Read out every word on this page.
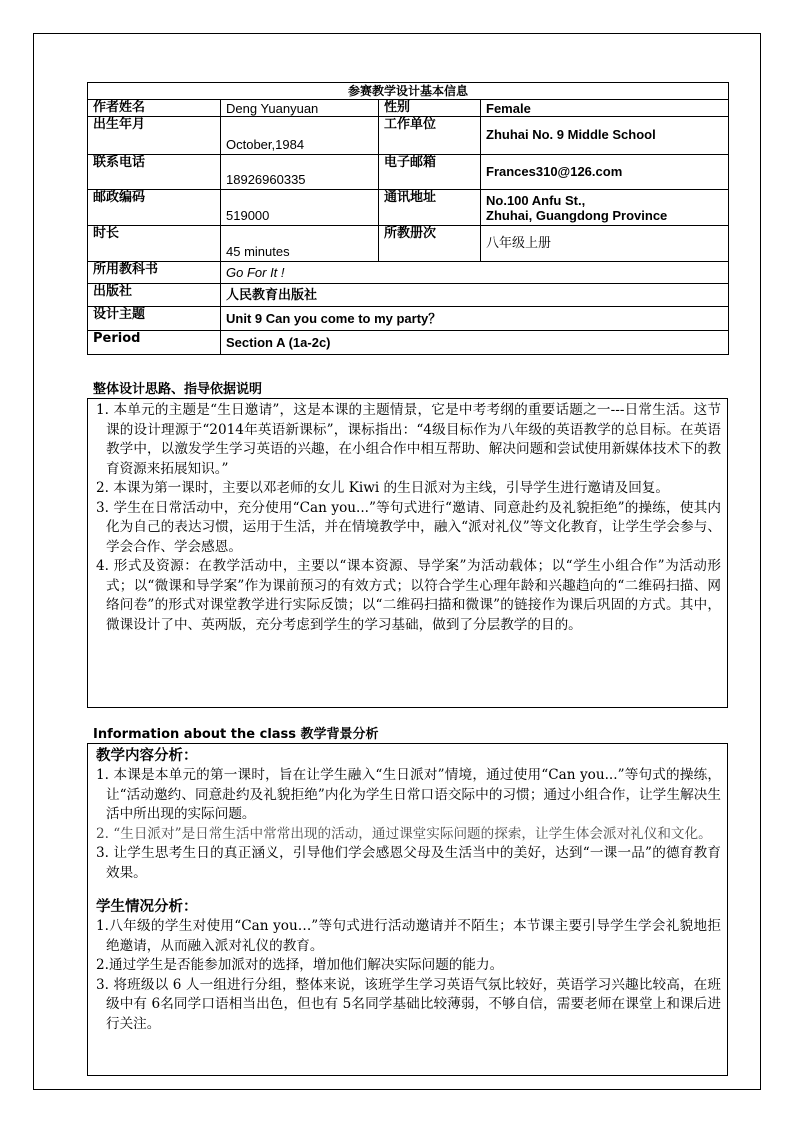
参赛教学设计基本信息			
作者姓名	Deng Yuanyuan	性别	Female
出生年月	October,1984	工作单位	Zhuhai No. 9 Middle School
联系电话	18926960335	电子邮箱	Frances310@126.com
邮政编码	519000	通讯地址	No.100 Anfu St.,
Zhuhai, Guangdong Province

时长	45 minutes	所教册次	八年级上册
所用教科书	Go For It !		
出版社	人民教育出版社		
设计主题	Unit 9 Can you come to my party？		
Period	Section A (1a-2c)		
整体设计思路、指导依据说明

1. 本单元的主题是“生日邀请”，这是本课的主题情景，它是中考考纲的重要话题之一---日常生活。这节课的设计理源于“2014年英语新课标”，课标指出：“4级目标作为八年级的英语教学的总目标。在英语教学中，以激发学生学习英语的兴趣，在小组合作中相互帮助、解决问题和尝试使用新媒体技术下的教育资源来拓展知识。”

2. 本课为第一课时，主要以邓老师的女儿 Kiwi 的生日派对为主线，引导学生进行邀请及回复。

3. 学生在日常活动中，充分使用“Can you...”等句式进行“邀请、同意赴约及礼貌拒绝”的操练，使其内化为自己的表达习惯，运用于生活，并在情境教学中，融入“派对礼仪”等文化教育，让学生学会参与、学会合作、学会感恩。

4. 形式及资源：在教学活动中，主要以“课本资源、导学案”为活动载体；以“学生小组合作”为活动形式；以“微课和导学案”作为课前预习的有效方式；以符合学生心理年龄和兴趣趋向的“二维码扫描、网络问卷”的形式对课堂教学进行实际反馈；以“二维码扫描和微课”的链接作为课后巩固的方式。其中，微课设计了中、英两版，充分考虑到学生的学习基础，做到了分层教学的目的。

Information about the class 教学背景分析
教学内容分析：

1. 本课是本单元的第一课时，旨在让学生融入“生日派对”情境，通过使用“Can you...”等句式的操练，让“活动邀约、同意赴约及礼貌拒绝”内化为学生日常口语交际中的习惯；通过小组合作，让学生解决生活中所出现的实际问题。

2. “生日派对”是日常生活中常常出现的活动，通过课堂实际问题的探索，让学生体会派对礼仪和文化。

3. 让学生思考生日的真正涵义，引导他们学会感恩父母及生活当中的美好，达到“一课一品”的德育教育效果。

学生情况分析：

1.八年级的学生对使用“Can you…”等句式进行活动邀请并不陌生；本节课主要引导学生学会礼貌地拒绝邀请，从而融入派对礼仪的教育。

2.通过学生是否能参加派对的选择，增加他们解决实际问题的能力。

3. 将班级以 6 人一组进行分组，整体来说，该班学生学习英语气氛比较好，英语学习兴趣比较高，在班级中有 6名同学口语相当出色，但也有 5名同学基础比较薄弱，不够自信，需要老师在课堂上和课后进行关注。
